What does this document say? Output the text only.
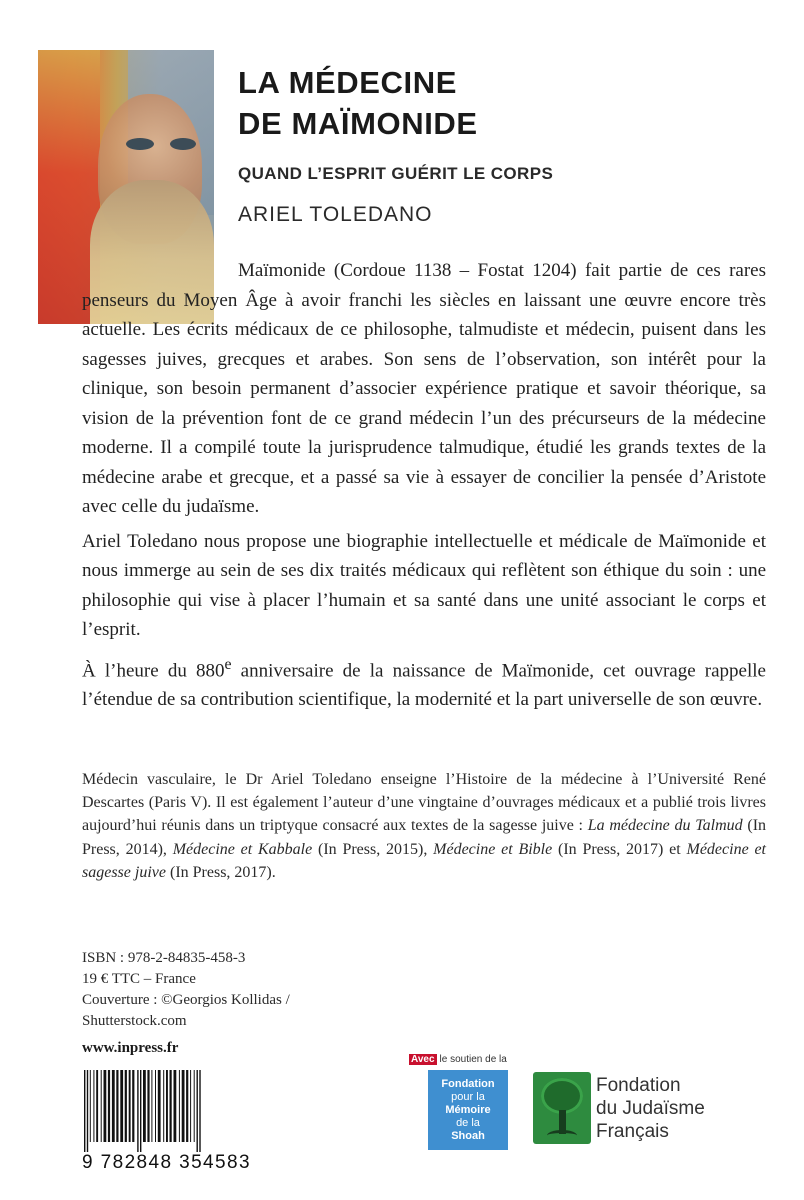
LA MÉDECINE
DE MAÏMONIDE
QUAND L’ESPRIT GUÉRIT LE CORPS
ARIEL TOLEDANO

Maïmonide (Cordoue 1138 – Fostat 1204) fait partie de ces rares penseurs du Moyen Âge à avoir franchi les siècles en laissant une œuvre encore très actuelle. Les écrits médicaux de ce philosophe, talmudiste et médecin, puisent dans les sagesses juives, grecques et arabes. Son sens de l’observation, son intérêt pour la clinique, son besoin permanent d’associer expérience pratique et savoir théorique, sa vision de la prévention font de ce grand médecin l’un des précurseurs de la médecine moderne. Il a compilé toute la jurisprudence talmudique, étudié les grands textes de la médecine arabe et grecque, et a passé sa vie à essayer de concilier la pensée d’Aristote avec celle du judaïsme.

Ariel Toledano nous propose une biographie intellectuelle et médicale de Maïmonide et nous immerge au sein de ses dix traités médicaux qui reflètent son éthique du soin : une philosophie qui vise à placer l’humain et sa santé dans une unité associant le corps et l’esprit.

À l’heure du 880e anniversaire de la naissance de Maïmonide, cet ouvrage rappelle l’étendue de sa contribution scientifique, la modernité et la part universelle de son œuvre.

Médecin vasculaire, le Dr Ariel Toledano enseigne l’Histoire de la médecine à l’Université René Descartes (Paris V). Il est également l’auteur d’une vingtaine d’ouvrages médicaux et a publié trois livres aujourd’hui réunis dans un triptyque consacré aux textes de la sagesse juive : La médecine du Talmud (In Press, 2014), Médecine et Kabbale (In Press, 2015), Médecine et Bible (In Press, 2017) et Médecine et sagesse juive (In Press, 2017).

ISBN : 978-2-84835-458-3
19 € TTC – France
Couverture : ©Georgios Kollidas /
Shutterstock.com
www.inpress.fr
9 782848 354583
Avec le soutien de la
Fondation
pour la
Mémoire
de la
Shoah
Fondation
du Judaïsme
Français
